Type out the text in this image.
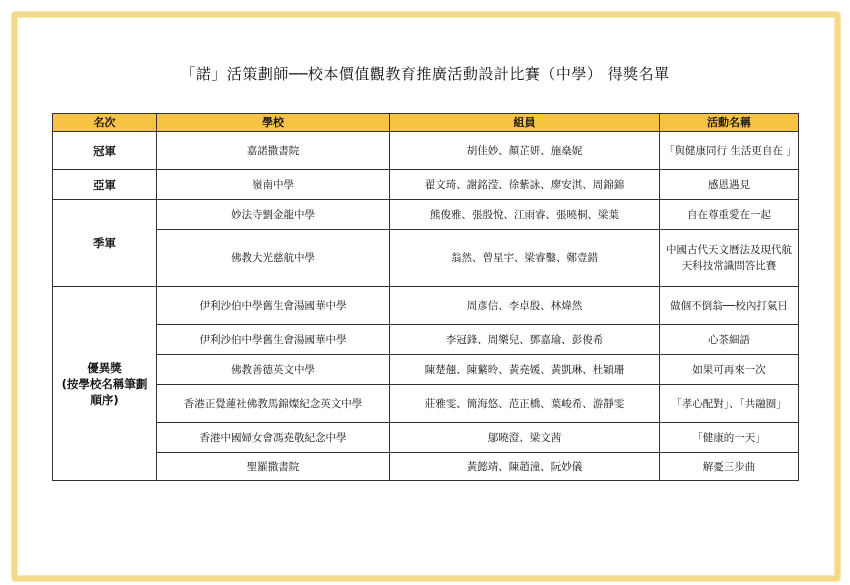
「諾」活策劃師──校本價值觀教育推廣活動設計比賽（中學） 得獎名單
名次	學校	組員	活動名稱
冠軍	嘉諾撒書院	胡佳妙、顏芷妍、施燊妮	「與健康同行 生活更自在 」
亞軍	嶺南中學	翟文琦、謝銘滢、徐紫詠、廖安淇、周錦錦	感恩遇見
季軍	妙法寺劉金龍中學	熊俊雅、張殷悅、江雨睿、張曉桐、梁葉	自在尊重愛在一起
	佛教大光慈航中學	翁然、曾星宇、梁睿鑿、鄭壹錯	中國古代天文曆法及現代航天科技常識問答比賽
優異獎
(按學校名稱筆劃
順序)	伊利沙伯中學舊生會湯國華中學	周彥信、李卓殷、林煒然	做個不倒翁──校內打氣日
	伊利沙伯中學舊生會湯國華中學	李冠鋒、周樂兒、鄧嘉瑜、彭俊希	心茶細語
	佛教善德英文中學	陳楚翹、陳蘩昤、黃堯媛、黃凱琳、杜穎珊	如果可再來一次
	香港正覺蓮社佛教馬錦燦紀念英文中學	莊雅雯、簡海悠、范正橋、葉峻希、游靜雯	「孝心配對」、「共融圈」
	香港中國婦女會馮堯敬紀念中學	鄔曉澄、梁文茜	「健康的一天」
	聖羅撒書院	黃懿靖、陳趙潼、阮妙儀	解憂三步曲
